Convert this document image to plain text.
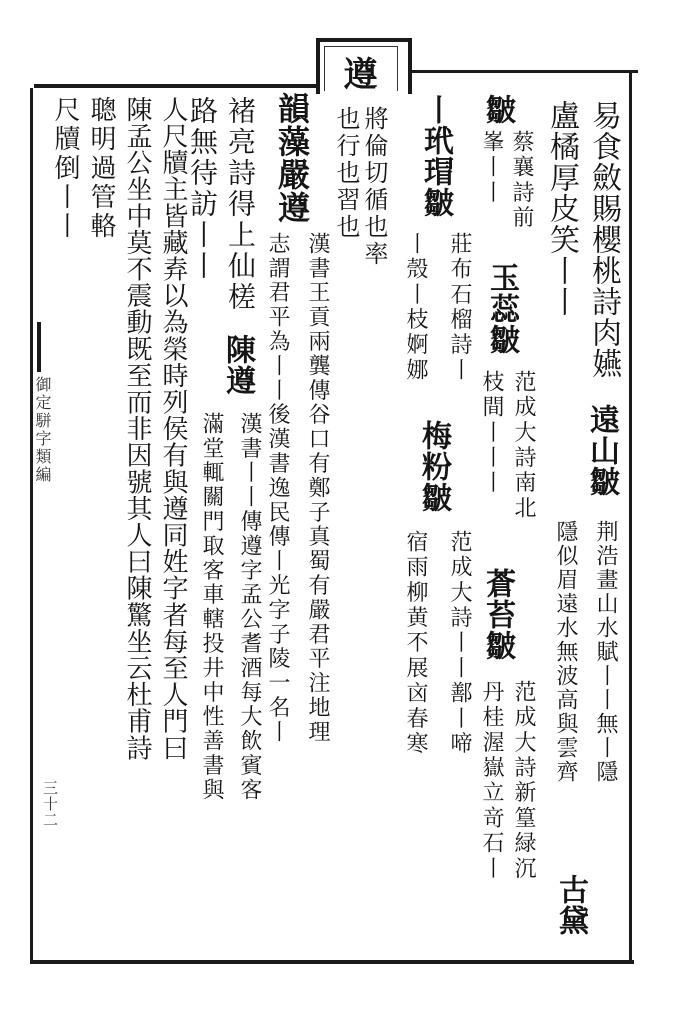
遵
御定駢字類編
三十二
易食斂賜櫻桃詩肉嬿
盧橘厚皮笑丨丨
遠山皺
荆浩畫山水賦丨丨無丨隱
隱似眉遠水無波高與雲齊
古黛
皺
蔡襄詩前
玉蕊皺
范成大詩南北
蒼苔皺
范成大詩新篁緑沉
峯丨丨
枝間丨丨丨
丹桂渥嶽立竒石丨
丨玳瑁皺
莊布石榴詩丨
梅粉皺
范成大詩丨丨鄯丨啼
丨殼丨枝婀娜
宿雨柳黄不展㐫春寒
將倫切循也率
也行也習也
韻藻嚴遵
漢書王貢兩龔傳谷口有鄭子真蜀有嚴君平注地理
志謂君平為丨丨後漢書逸民傳丨光字子陵一名丨
褚亮詩得上仙槎
陳遵
漢書丨丨傳遵字孟公耆酒每大飲賓客
路無待訪丨丨
滿堂輒關門取客車轄投井中性善書與
人尺牘主皆藏弆以為榮時列侯有與遵同姓字者每至人門曰
陳孟公坐中莫不震動既至而非因號其人曰陳驚坐云杜甫詩
聰明過管輅
尺牘倒丨丨
